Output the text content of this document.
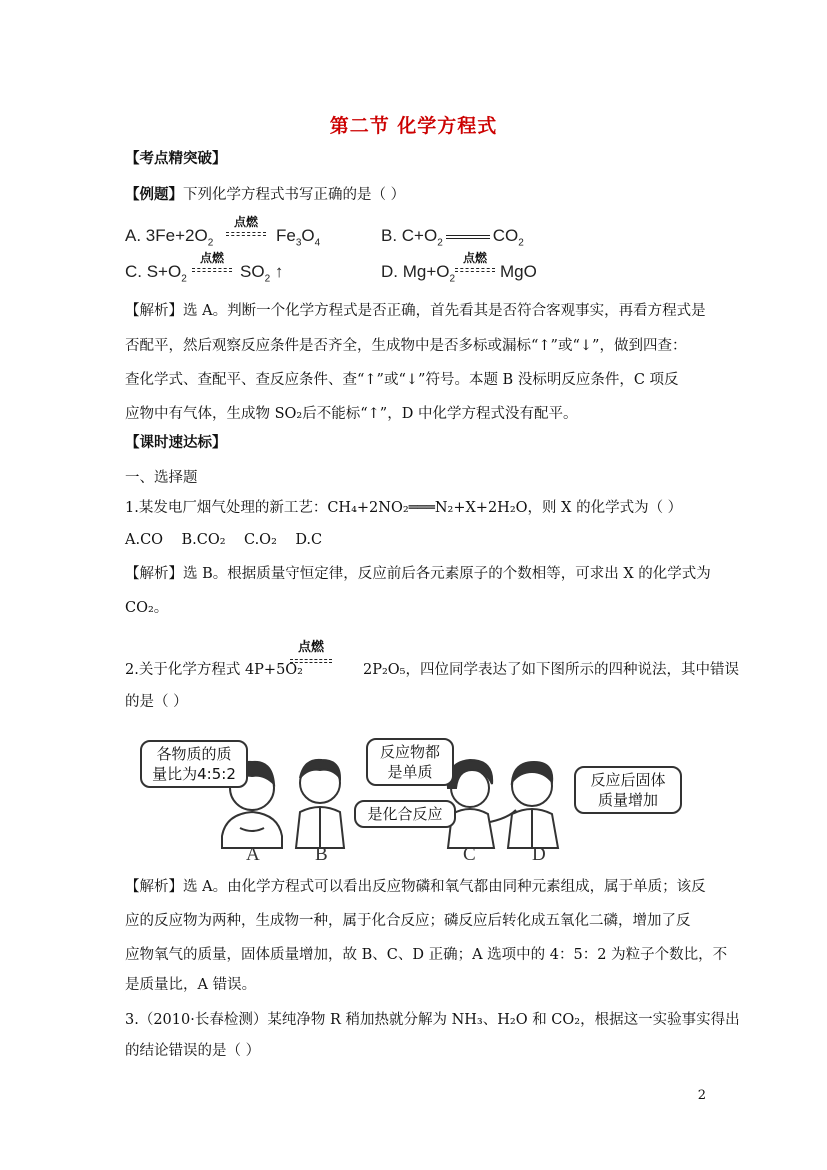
第二节 化学方程式
【考点精突破】
【例题】下列化学方程式书写正确的是（ ）
A. $3Fe+2O_2$
点燃
$Fe_3O_4$	B. $C+O_2$	$CO_2$
C. $S+O_2$
点燃
$SO_2$ ↑	D. $Mg+O_2$
点燃
MgO
【解析】选 A。判断一个化学方程式是否正确，首先看其是否符合客观事实，再看方程式是
否配平，然后观察反应条件是否齐全，生成物中是否多标或漏标“↑”或“↓”，做到四查：
查化学式、查配平、查反应条件、查“↑”或“↓”符号。本题 B 没标明反应条件，C 项反
应物中有气体，生成物 SO₂后不能标“↑”，D 中化学方程式没有配平。
【课时速达标】
一、选择题
1.某发电厂烟气处理的新工艺：CH₄+2NO₂═══N₂+X+2H₂O，则 X 的化学式为（ ）
A.CO    B.CO₂    C.O₂    D.C
【解析】选 B。根据质量守恒定律，反应前后各元素原子的个数相等，可求出 X 的化学式为
CO₂。
2.关于化学方程式 4P+5O₂	2P₂O₅，四位同学表达了如下图所示的四种说法，其中错误
点燃
的是（ ）
各物质的质
量比为4:5:2
反应物都
是单质
是化合反应
反应后固体
质量增加
A	B	C	D
【解析】选 A。由化学方程式可以看出反应物磷和氧气都由同种元素组成，属于单质；该反
应的反应物为两种，生成物一种，属于化合反应；磷反应后转化成五氧化二磷，增加了反
应物氧气的质量，固体质量增加，故 B、C、D 正确；A 选项中的 4：5：2 为粒子个数比，不
是质量比，A 错误。
3.（2010·长春检测）某纯净物 R 稍加热就分解为 NH₃、H₂O 和 CO₂，根据这一实验事实得出
的结论错误的是（ ）
2
